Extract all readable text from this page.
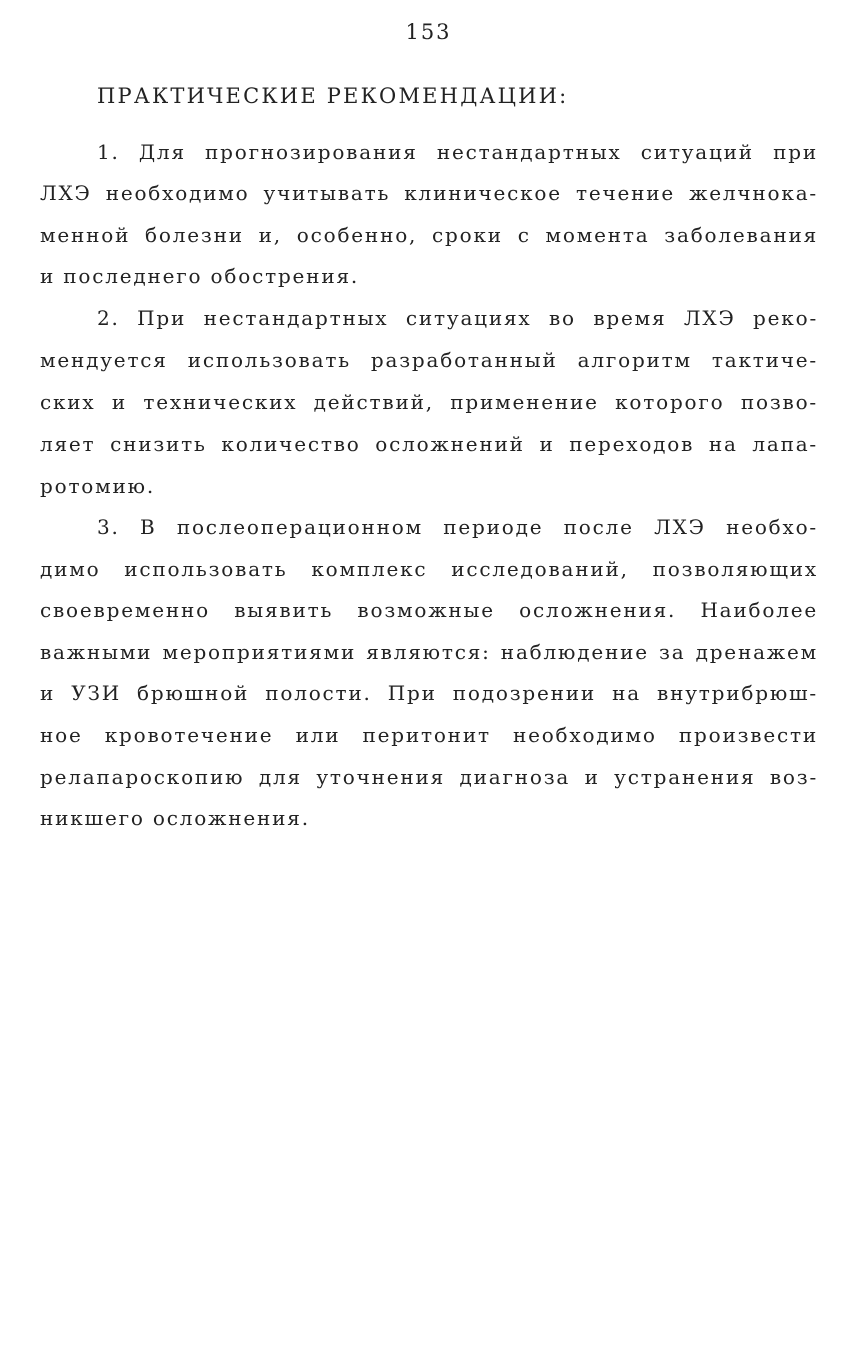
153
ПРАКТИЧЕСКИЕ РЕКОМЕНДАЦИИ:
1. Для прогнозирования нестандартных ситуаций при
ЛХЭ необходимо учитывать клиническое течение желчнока-
менной болезни и, особенно, сроки с момента заболевания
и последнего обострения.
2. При нестандартных ситуациях во время ЛХЭ реко-
мендуется использовать разработанный алгоритм тактиче-
ских и технических действий, применение которого позво-
ляет снизить количество осложнений и переходов на лапа-
ротомию.
3. В послеоперационном периоде после ЛХЭ необхо-
димо использовать комплекс исследований, позволяющих
своевременно выявить возможные осложнения. Наиболее
важными мероприятиями являются: наблюдение за дренажем
и УЗИ брюшной полости. При подозрении на внутрибрюш-
ное кровотечение или перитонит необходимо произвести
релапароскопию для уточнения диагноза и устранения воз-
никшего осложнения.
